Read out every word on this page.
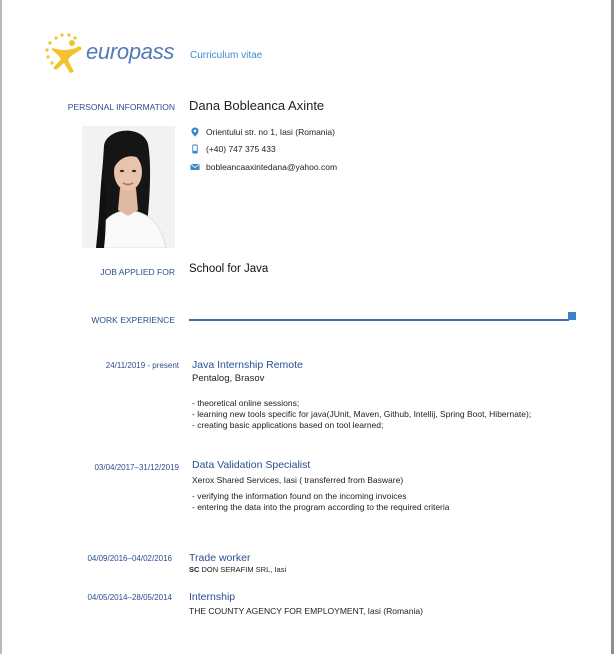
europass Curriculum vitae
PERSONAL INFORMATION Dana Bobleanca Axinte
Orientului str. no 1, Iasi (Romania)
(+40) 747 375 433
bobleancaaxintedana@yahoo.com
JOB APPLIED FOR School for Java
WORK EXPERIENCE
24/11/2019 - present Java Internship Remote
Pentalog, Brasov
- theoretical online sessions;
- learning new tools specific for java(JUnit, Maven, Github, Intellij, Spring Boot, Hibernate);
- creating basic applications based on tool learned;
03/04/2017–31/12/2019 Data Validation Specialist
Xerox Shared Services, Iasi ( transferred from Basware)
- verifying the information found on the incoming invoices
- entering the data into the program according to the required criteria
04/09/2016–04/02/2016 Trade worker
SC DON SERAFIM SRL, Iasi
04/05/2014–28/05/2014 Internship
THE COUNTY AGENCY FOR EMPLOYMENT, Iasi (Romania)
